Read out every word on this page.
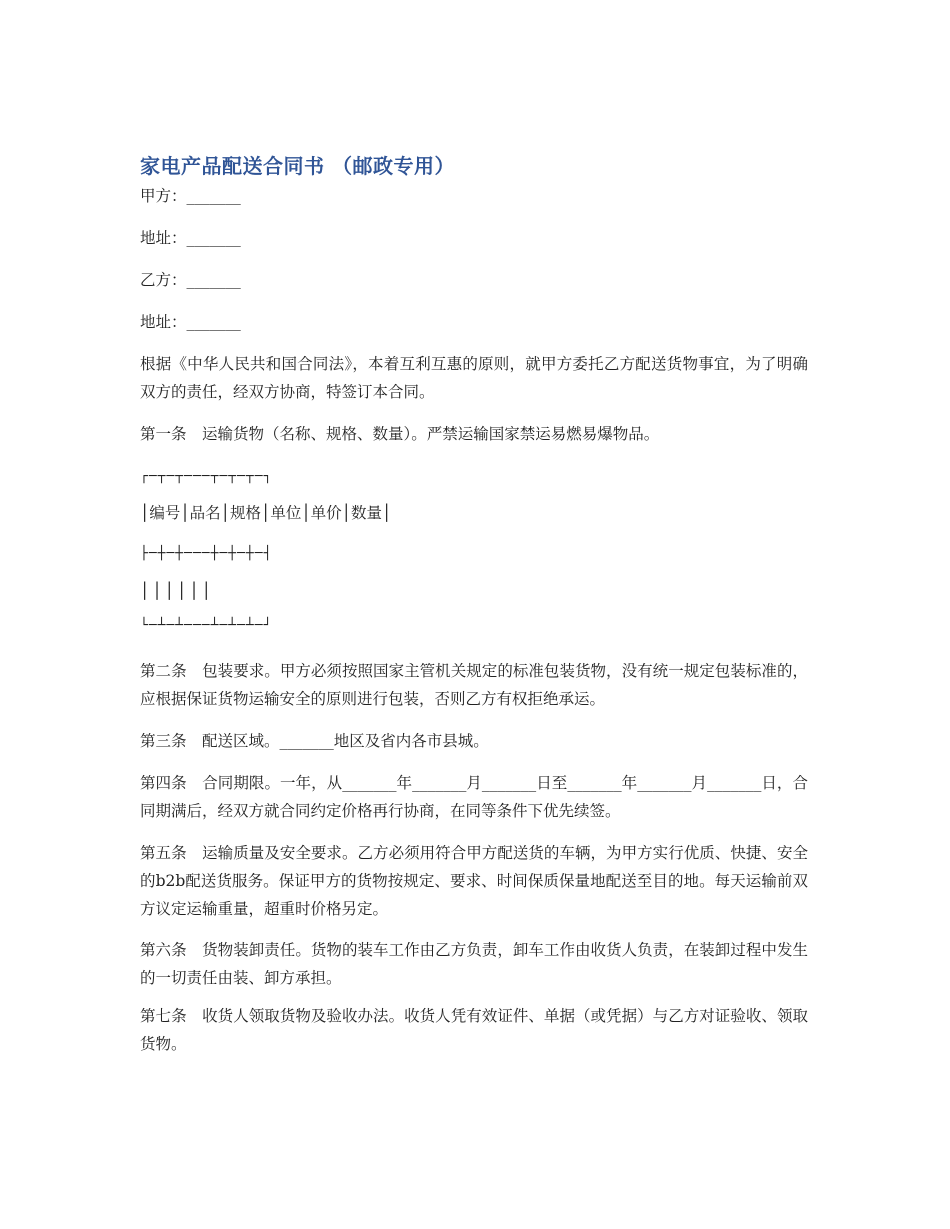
家电产品配送合同书 （邮政专用）
甲方：_______
地址：_______
乙方：_______
地址：_______
根据《中华人民共和国合同法》，本着互利互惠的原则，就甲方委托乙方配送货物事宜，为了明确双方的责任，经双方协商，特签订本合同。
第一条　运输货物（名称、规格、数量）。严禁运输国家禁运易燃易爆物品。
┌─┬─┬───┬─┬─┬─┐
│编号│品名│规格│单位│单价│数量│
├─┼─┼───┼─┼─┼─┤
││││││
└─┴─┴───┴─┴─┴─┘
第二条　包装要求。甲方必须按照国家主管机关规定的标准包装货物，没有统一规定包装标准的，应根据保证货物运输安全的原则进行包装，否则乙方有权拒绝承运。
第三条　配送区域。_______地区及省内各市县城。
第四条　合同期限。一年，从_______年_______月_______日至_______年_______月_______日，合同期满后，经双方就合同约定价格再行协商，在同等条件下优先续签。
第五条　运输质量及安全要求。乙方必须用符合甲方配送货的车辆，为甲方实行优质、快捷、安全的b2b配送货服务。保证甲方的货物按规定、要求、时间保质保量地配送至目的地。每天运输前双方议定运输重量，超重时价格另定。
第六条　货物装卸责任。货物的装车工作由乙方负责，卸车工作由收货人负责，在装卸过程中发生的一切责任由装、卸方承担。
第七条　收货人领取货物及验收办法。收货人凭有效证件、单据（或凭据）与乙方对证验收、领取货物。
